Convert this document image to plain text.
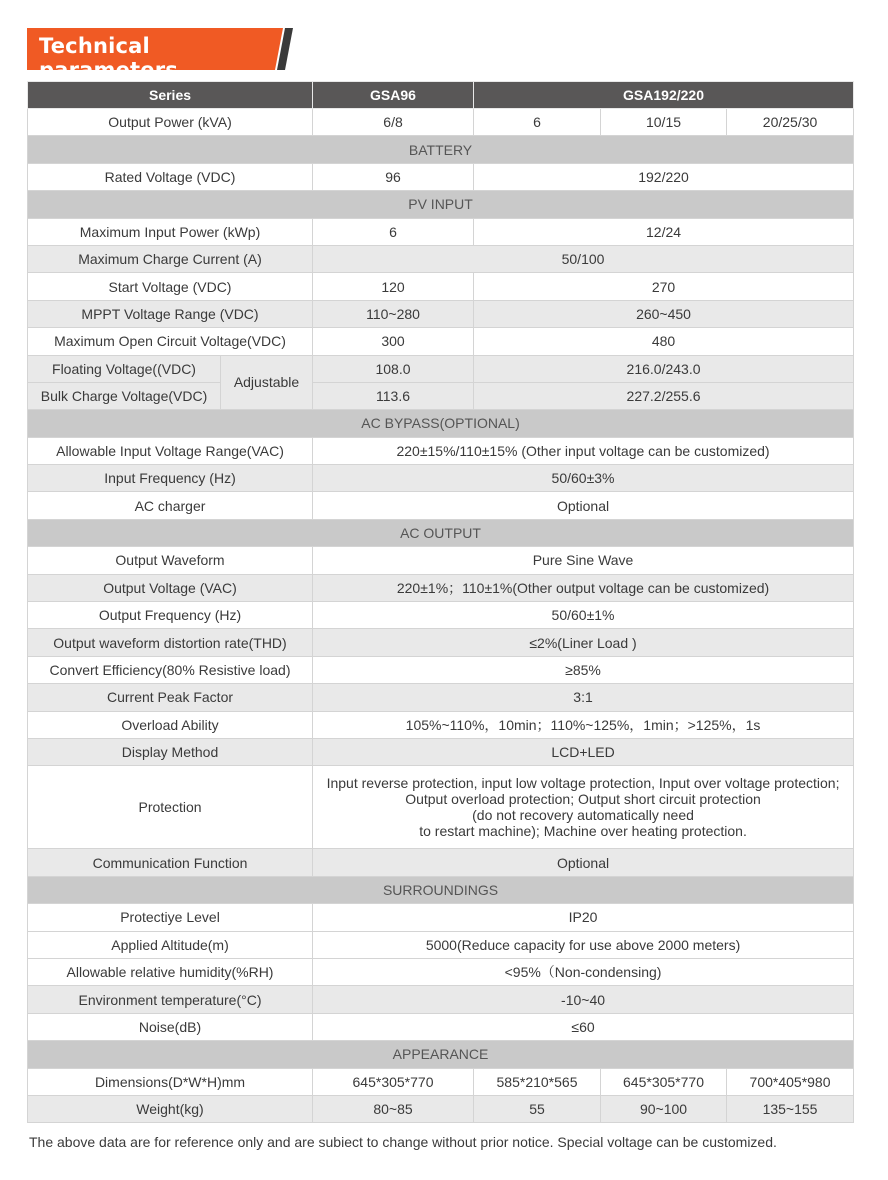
Technical parameters
Series		GSA96	GSA192/220		
Output Power (kVA)		6/8	6	10/15	20/25/30
BATTERY					
Rated Voltage (VDC)		96	192/220		
PV INPUT					
Maximum Input Power (kWp)		6	12/24		
Maximum Charge Current (A)		50/100			
Start Voltage (VDC)		120	270		
MPPT Voltage Range (VDC)		110~280	260~450		
Maximum Open Circuit Voltage(VDC)		300	480		
Floating Voltage((VDC)	Adjustable	108.0	216.0/243.0		
Bulk Charge Voltage(VDC)		113.6	227.2/255.6		
AC BYPASS(OPTIONAL)					
Allowable Input Voltage Range(VAC)		220±15%/110±15% (Other input voltage can be customized)			
Input Frequency (Hz)		50/60±3%			
AC charger		Optional			
AC OUTPUT					
Output Waveform		Pure Sine Wave			
Output Voltage (VAC)		220±1%；110±1%(Other output voltage can be customized)			
Output Frequency (Hz)		50/60±1%			
Output waveform distortion rate(THD)		≤2%(Liner Load )			
Convert Efficiency(80% Resistive load)		≥85%			
Current Peak Factor		3:1			
Overload Ability		105%~110%，10min；110%~125%，1min；>125%，1s			
Display Method		LCD+LED			
Protection		Input reverse protection, input low voltage protection, Input over voltage protection;
Output overload protection; Output short circuit protection
(do not recovery automatically need
to restart machine); Machine over heating protection.			

Communication Function		Optional			
SURROUNDINGS					
Protectiye Level		IP20			
Applied Altitude(m)		5000(Reduce capacity for use above 2000 meters)			
Allowable relative humidity(%RH)		<95%（Non-condensing)			
Environment temperature(°C)		-10~40			
Noise(dB)		≤60			
APPEARANCE					
Dimensions(D*W*H)mm		645*305*770	585*210*565	645*305*770	700*405*980
Weight(kg)		80~85	55	90~100	135~155
The above data are for reference only and are subiect to change without prior notice. Special voltage can be customized.
